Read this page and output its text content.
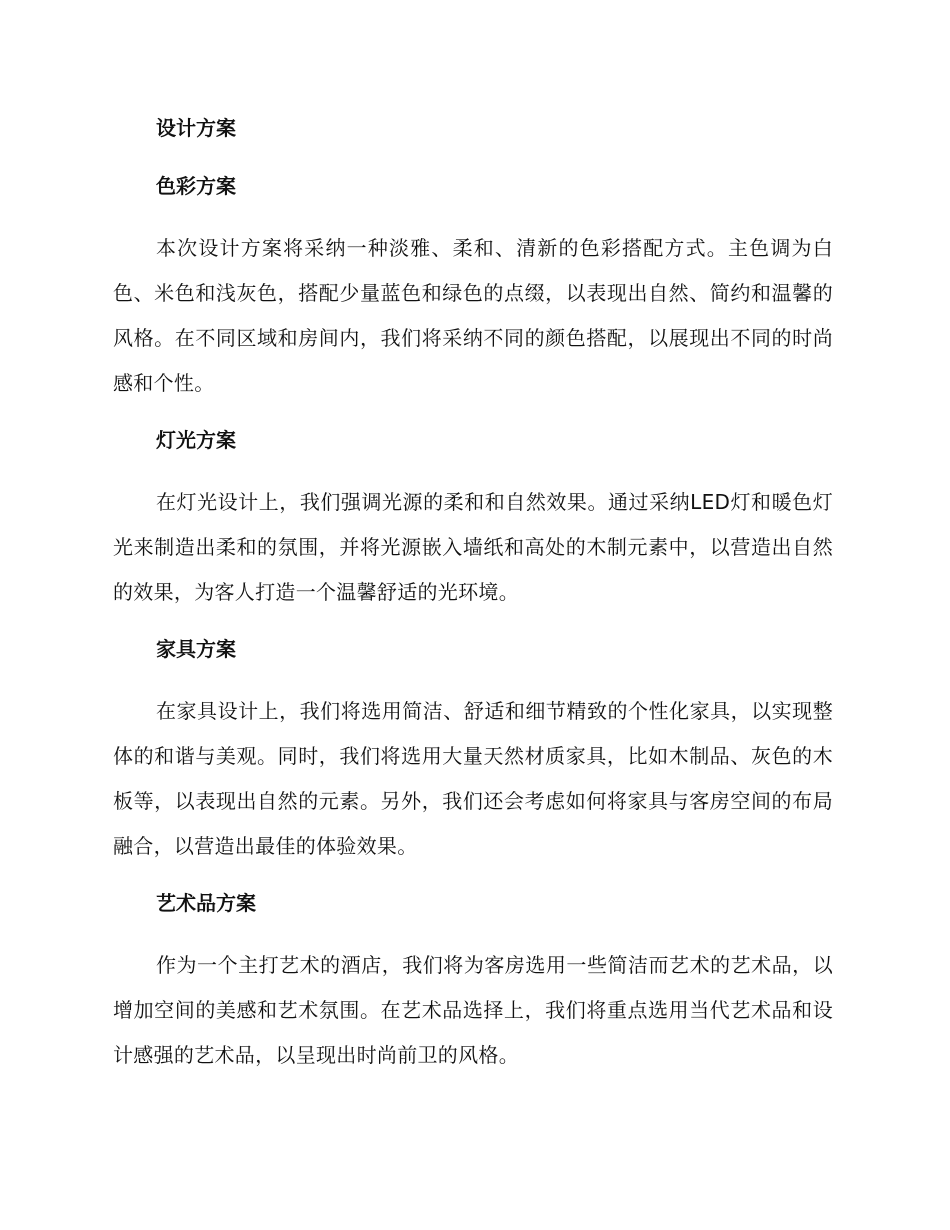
设计方案
色彩方案

本次设计方案将采纳一种淡雅、柔和、清新的色彩搭配方式。主色调为白色、米色和浅灰色，搭配少量蓝色和绿色的点缀，以表现出自然、简约和温馨的风格。在不同区域和房间内，我们将采纳不同的颜色搭配，以展现出不同的时尚感和个性。

灯光方案

在灯光设计上，我们强调光源的柔和和自然效果。通过采纳LED灯和暖色灯光来制造出柔和的氛围，并将光源嵌入墙纸和高处的木制元素中，以营造出自然的效果，为客人打造一个温馨舒适的光环境。

家具方案

在家具设计上，我们将选用简洁、舒适和细节精致的个性化家具，以实现整体的和谐与美观。同时，我们将选用大量天然材质家具，比如木制品、灰色的木板等，以表现出自然的元素。另外，我们还会考虑如何将家具与客房空间的布局融合，以营造出最佳的体验效果。

艺术品方案

作为一个主打艺术的酒店，我们将为客房选用一些简洁而艺术的艺术品，以增加空间的美感和艺术氛围。在艺术品选择上，我们将重点选用当代艺术品和设计感强的艺术品，以呈现出时尚前卫的风格。
